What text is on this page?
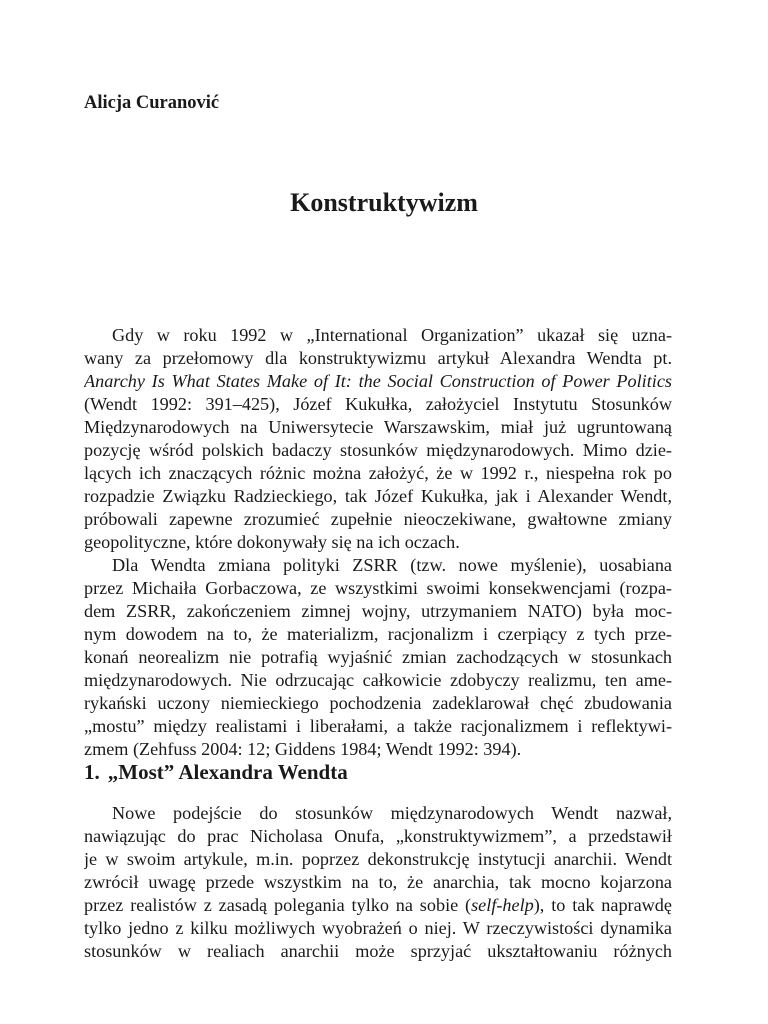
Alicja Curanović
Konstruktywizm
Gdy w roku 1992 w „International Organization” ukazał się uzna-
wany za przełomowy dla konstruktywizmu artykuł Alexandra Wendta pt.
Anarchy Is What States Make of It: the Social Construction of Power Politics
(Wendt 1992: 391–425), Józef Kukułka, założyciel Instytutu Stosunków
Międzynarodowych na Uniwersytecie Warszawskim, miał już ugruntowaną
pozycję wśród polskich badaczy stosunków międzynarodowych. Mimo dzie-
lących ich znaczących różnic można założyć, że w 1992 r., niespełna rok po
rozpadzie Związku Radzieckiego, tak Józef Kukułka, jak i Alexander Wendt,
próbowali zapewne zrozumieć zupełnie nieoczekiwane, gwałtowne zmiany
geopolityczne, które dokonywały się na ich oczach.
Dla Wendta zmiana polityki ZSRR (tzw. nowe myślenie), uosabiana
przez Michaiła Gorbaczowa, ze wszystkimi swoimi konsekwencjami (rozpa-
dem ZSRR, zakończeniem zimnej wojny, utrzymaniem NATO) była moc-
nym dowodem na to, że materializm, racjonalizm i czerpiący z tych prze-
konań neorealizm nie potrafią wyjaśnić zmian zachodzących w stosunkach
międzynarodowych. Nie odrzucając całkowicie zdobyczy realizmu, ten ame-
rykański uczony niemieckiego pochodzenia zadeklarował chęć zbudowania
„mostu” między realistami i liberałami, a także racjonalizmem i reflektywi-
zmem (Zehfuss 2004: 12; Giddens 1984; Wendt 1992: 394).
1. „Most” Alexandra Wendta
Nowe podejście do stosunków międzynarodowych Wendt nazwał,
nawiązując do prac Nicholasa Onufa, „konstruktywizmem”, a przedstawił
je w swoim artykule, m.in. poprzez dekonstrukcję instytucji anarchii. Wendt
zwrócił uwagę przede wszystkim na to, że anarchia, tak mocno kojarzona
przez realistów z zasadą polegania tylko na sobie (self-help), to tak naprawdę
tylko jedno z kilku możliwych wyobrażeń o niej. W rzeczywistości dynamika
stosunków w realiach anarchii może sprzyjać ukształtowaniu różnych
